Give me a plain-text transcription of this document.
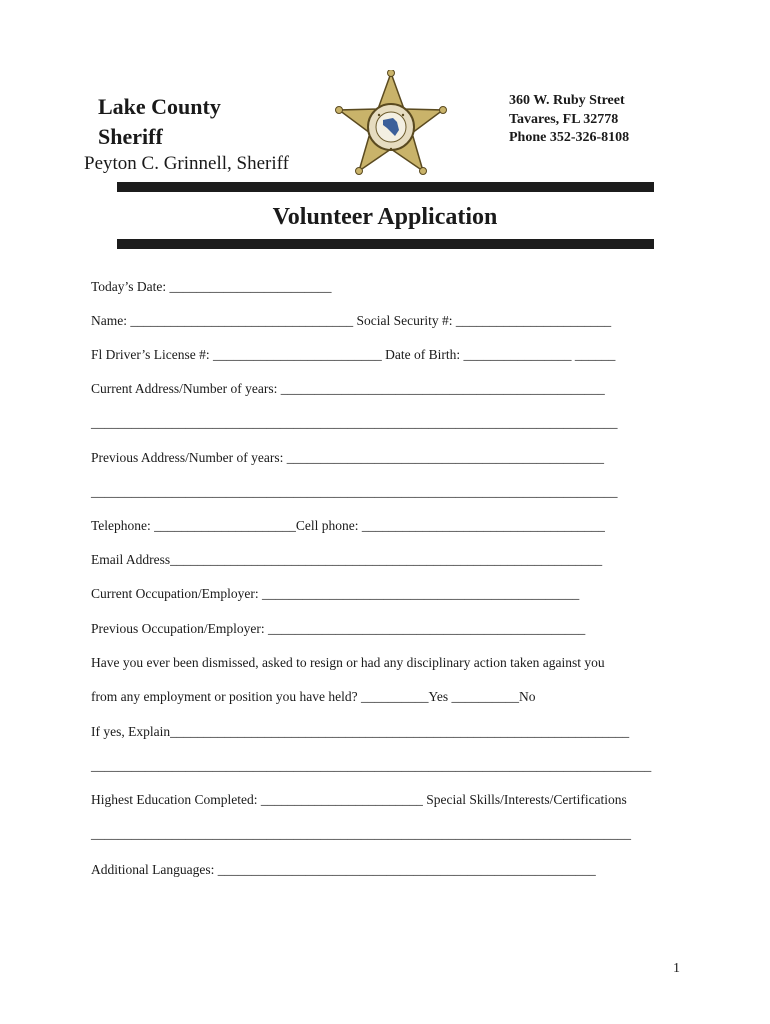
Lake County
Sheriff
Peyton C. Grinnell, Sheriff
360 W. Ruby Street
Tavares, FL 32778
Phone 352-326-8108
Volunteer Application
Today’s Date: ________________________
Name: _________________________________ Social Security #: _______________________
Fl Driver’s License #: _________________________ Date of Birth: ________________ ______
Current Address/Number of years: ________________________________________________
______________________________________________________________________________
Previous Address/Number of years: _______________________________________________
______________________________________________________________________________
Telephone: _____________________Cell phone: ____________________________________
Email Address________________________________________________________________
Current Occupation/Employer: _______________________________________________
Previous Occupation/Employer: _______________________________________________
Have you ever been dismissed, asked to resign or had any disciplinary action taken against you
from any employment or position you have held? __________Yes __________No
If yes, Explain____________________________________________________________________
___________________________________________________________________________________
Highest Education Completed: ________________________ Special Skills/Interests/Certifications
________________________________________________________________________________
Additional Languages: ________________________________________________________
1
